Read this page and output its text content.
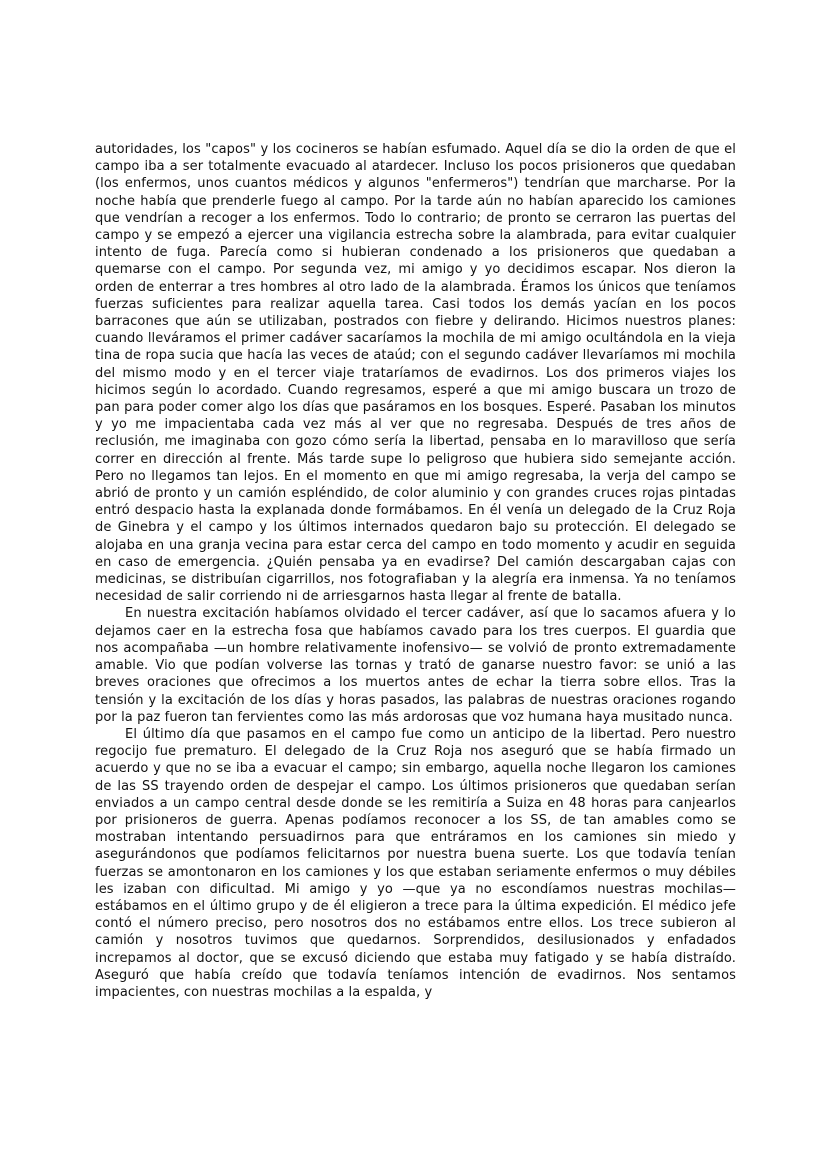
autoridades, los "capos" y los cocineros se habían esfumado. Aquel día se dio la orden de que el campo iba a ser totalmente evacuado al atardecer. Incluso los pocos prisioneros que quedaban (los enfermos, unos cuantos médicos y algunos "enfermeros") tendrían que marcharse. Por la noche había que prenderle fuego al campo. Por la tarde aún no habían aparecido los camiones que vendrían a recoger a los enfermos. Todo lo contrario; de pronto se cerraron las puertas del campo y se empezó a ejercer una vigilancia estrecha sobre la alambrada, para evitar cualquier intento de fuga. Parecía como si hubieran condenado a los prisioneros que quedaban a quemarse con el campo. Por segunda vez, mi amigo y yo decidimos escapar. Nos dieron la orden de enterrar a tres hombres al otro lado de la alambrada. Éramos los únicos que teníamos fuerzas suficientes para realizar aquella tarea. Casi todos los demás yacían en los pocos barracones que aún se utilizaban, postrados con fiebre y delirando. Hicimos nuestros planes: cuando lleváramos el primer cadáver sacaríamos la mochila de mi amigo ocultándola en la vieja tina de ropa sucia que hacía las veces de ataúd; con el segundo cadáver llevaríamos mi mochila del mismo modo y en el tercer viaje trataríamos de evadirnos. Los dos primeros viajes los hicimos según lo acordado. Cuando regresamos, esperé a que mi amigo buscara un trozo de pan para poder comer algo los días que pasáramos en los bosques. Esperé. Pasaban los minutos y yo me impacientaba cada vez más al ver que no regresaba. Después de tres años de reclusión, me imaginaba con gozo cómo sería la libertad, pensaba en lo maravilloso que sería correr en dirección al frente. Más tarde supe lo peligroso que hubiera sido semejante acción. Pero no llegamos tan lejos. En el momento en que mi amigo regresaba, la verja del campo se abrió de pronto y un camión espléndido, de color aluminio y con grandes cruces rojas pintadas entró despacio hasta la explanada donde formábamos. En él venía un delegado de la Cruz Roja de Ginebra y el campo y los últimos internados quedaron bajo su protección. El delegado se alojaba en una granja vecina para estar cerca del campo en todo momento y acudir en seguida en caso de emergencia. ¿Quién pensaba ya en evadirse? Del camión descargaban cajas con medicinas, se distribuían cigarrillos, nos fotografiaban y la alegría era inmensa. Ya no teníamos necesidad de salir corriendo ni de arriesgarnos hasta llegar al frente de batalla.

En nuestra excitación habíamos olvidado el tercer cadáver, así que lo sacamos afuera y lo dejamos caer en la estrecha fosa que habíamos cavado para los tres cuerpos. El guardia que nos acompañaba —un hombre relativamente inofensivo— se volvió de pronto extremadamente amable. Vio que podían volverse las tornas y trató de ganarse nuestro favor: se unió a las breves oraciones que ofrecimos a los muertos antes de echar la tierra sobre ellos. Tras la tensión y la excitación de los días y horas pasados, las palabras de nuestras oraciones rogando por la paz fueron tan fervientes como las más ardorosas que voz humana haya musitado nunca.

El último día que pasamos en el campo fue como un anticipo de la libertad. Pero nuestro regocijo fue prematuro. El delegado de la Cruz Roja nos aseguró que se había firmado un acuerdo y que no se iba a evacuar el campo; sin embargo, aquella noche llegaron los camiones de las SS trayendo orden de despejar el campo. Los últimos prisioneros que quedaban serían enviados a un campo central desde donde se les remitiría a Suiza en 48 horas para canjearlos por prisioneros de guerra. Apenas podíamos reconocer a los SS, de tan amables como se mostraban intentando persuadirnos para que entráramos en los camiones sin miedo y asegurándonos que podíamos felicitarnos por nuestra buena suerte. Los que todavía tenían fuerzas se amontonaron en los camiones y los que estaban seriamente enfermos o muy débiles les izaban con dificultad. Mi amigo y yo —que ya no escondíamos nuestras mochilas— estábamos en el último grupo y de él eligieron a trece para la última expedición. El médico jefe contó el número preciso, pero nosotros dos no estábamos entre ellos. Los trece subieron al camión y nosotros tuvimos que quedarnos. Sorprendidos, desilusionados y enfadados increpamos al doctor, que se excusó diciendo que estaba muy fatigado y se había distraído. Aseguró que había creído que todavía teníamos intención de evadirnos. Nos sentamos impacientes, con nuestras mochilas a la espalda, y
